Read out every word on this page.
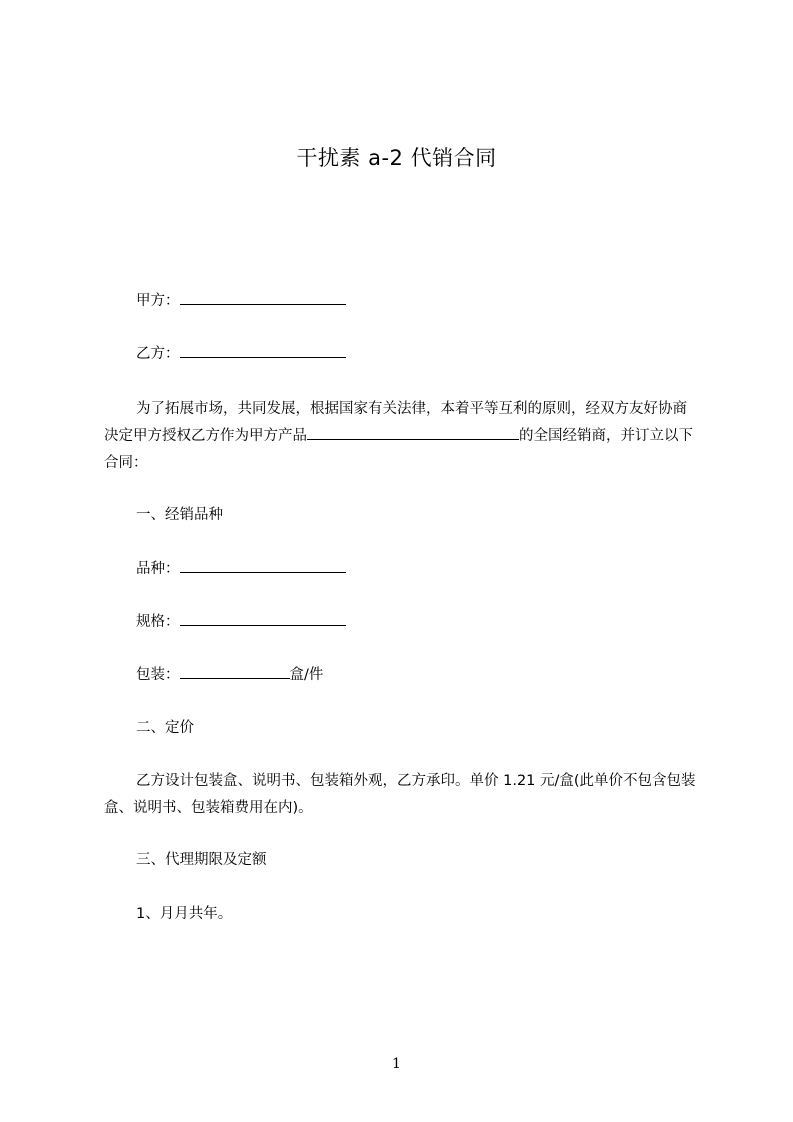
干扰素 a-2 代销合同
甲方：
乙方：
为了拓展市场，共同发展，根据国家有关法律，本着平等互利的原则，经双方友好协商决定甲方授权乙方作为甲方产品	的全国经销商，并订立以下合同：
一、经销品种
品种：
规格：
包装：	盒/件
二、定价
乙方设计包装盒、说明书、包装箱外观，乙方承印。单价 1.21 元/盒(此单价不包含包装盒、说明书、包装箱费用在内)。
三、代理期限及定额
1、月月共年。
1
